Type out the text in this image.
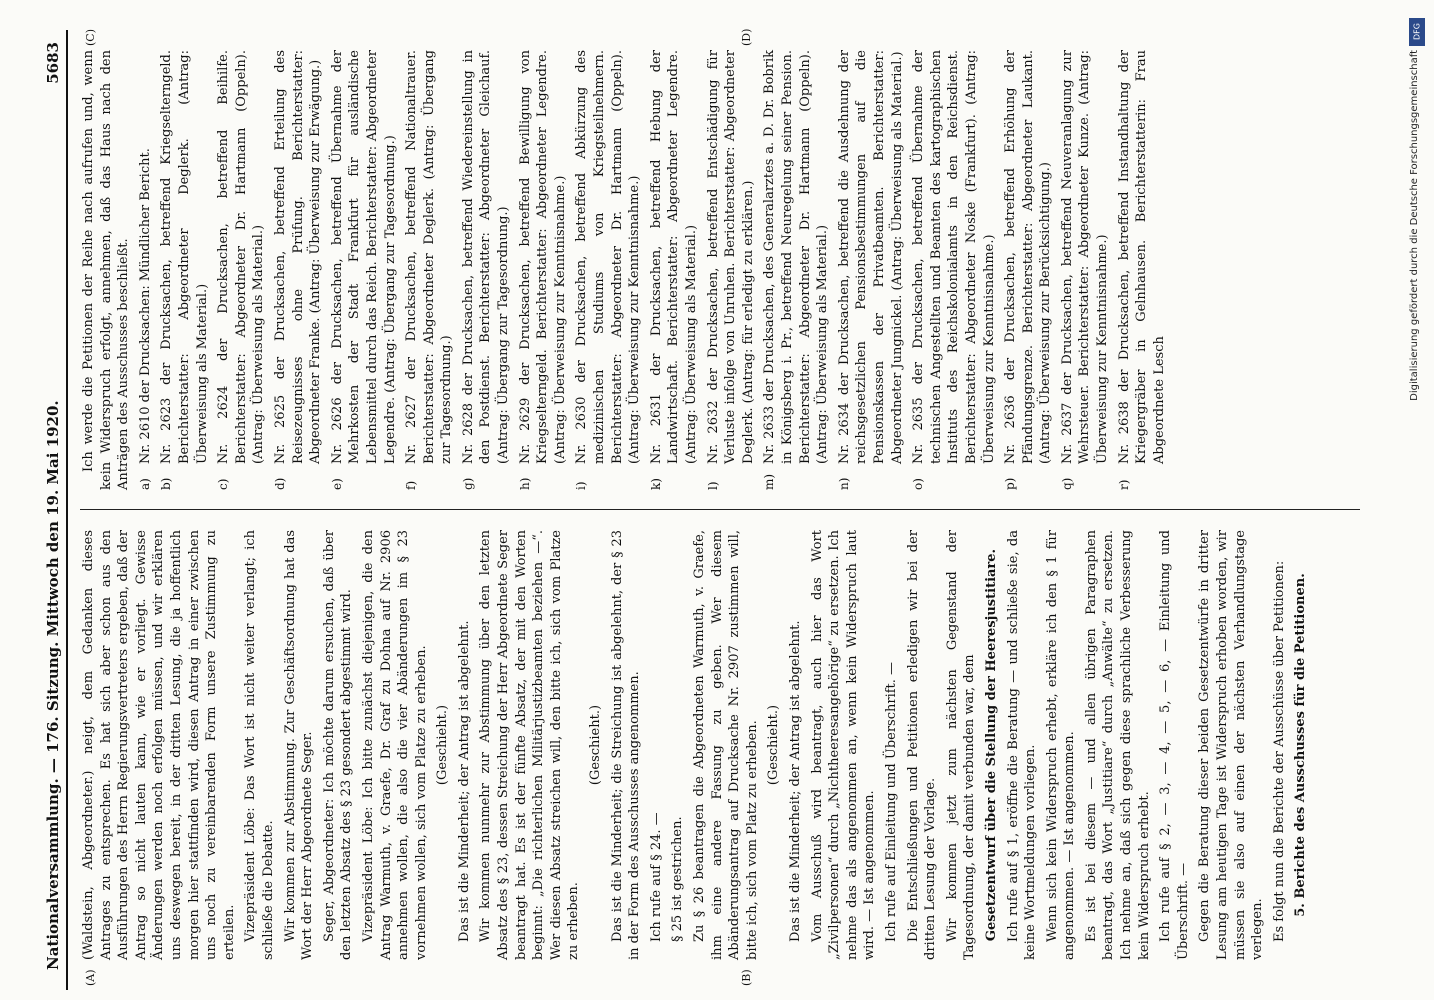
Nationalversammlung. — 176. Sitzung. Mittwoch den 19. Mai 1920.
5683
(A)	(B)
(C)	(D)

(Waldstein, Abgeordneter.) neigt, dem Gedanken dieses Antrages zu entsprechen. Es hat sich aber schon aus den Ausführungen des Herrn Regierungsvertreters ergeben, daß der Antrag so nicht lauten kann, wie er vorliegt. Gewisse Änderungen werden noch erfolgen müssen, und wir erklären uns deswegen bereit, in der dritten Lesung, die ja hoffentlich morgen hier stattfinden wird, diesen Antrag in einer zwischen uns noch zu vereinbarenden Form unsere Zustimmung zu erteilen. Vizepräsident Löbe: Das Wort ist nicht weiter verlangt; ich schließe die Debatte. Wir kommen zur Abstimmung. Zur Geschäftsordnung hat das Wort der Herr Abgeordnete Seger. Seger, Abgeordneter: Ich möchte darum ersuchen, daß über den letzten Absatz des § 23 gesondert abgestimmt wird. Vizepräsident Löbe: Ich bitte zunächst diejenigen, die den Antrag Warmuth, v. Graefe, Dr. Graf zu Dohna auf Nr. 2906 annehmen wollen, die also die vier Abänderungen im § 23 vornehmen wollen, sich vom Platze zu erheben. (Geschieht.) Das ist die Minderheit; der Antrag ist abgelehnt. Wir kommen nunmehr zur Abstimmung über den letzten Absatz des § 23, dessen Streichung der Herr Abgeordnete Seger beantragt hat. Es ist der fünfte Absatz, der mit den Worten beginnt: „Die richterlichen Militärjustizbeamten beziehen —“. Wer diesen Absatz streichen will, den bitte ich, sich vom Platze zu erheben.

(Geschieht.) Das ist die Minderheit; die Streichung ist abgelehnt, der § 23 in der Form des Ausschusses angenommen. Ich rufe auf § 24. — § 25 ist gestrichen. Zu § 26 beantragen die Abgeordneten Warmuth, v. Graefe, ihm eine andere Fassung zu geben. Wer diesem Abänderungsantrag auf Drucksache Nr. 2907 zustimmen will, bitte ich, sich vom Platz zu erheben. (Geschieht.) Das ist die Minderheit; der Antrag ist abgelehnt. Vom Ausschuß wird beantragt, auch hier das Wort „Zivilpersonen“ durch „Nichtheeresangehörige“ zu ersetzen. Ich nehme das als angenommen an, wenn kein Widerspruch laut wird. — Ist angenommen. Ich rufe auf Einleitung und Überschrift. — Die Entschließungen und Petitionen erledigen wir bei der dritten Lesung der Vorlage. Wir kommen jetzt zum nächsten Gegenstand der Tagesordnung, der damit verbunden war, dem Gesetzentwurf über die Stellung der Heeresjustitiare. Ich rufe auf § 1, eröffne die Beratung — und schließe sie, da keine Wortmeldungen vorliegen. Wenn sich kein Widerspruch erhebt, erkläre ich den § 1 für angenommen. — Ist angenommen. Es ist bei diesem — und allen übrigen Paragraphen beantragt, das Wort „Justitiare“ durch „Anwälte“ zu ersetzen. Ich nehme an, daß sich gegen diese sprachliche Verbesserung kein Widerspruch erhebt. Ich rufe auf § 2, — 3, — 4, — 5, — 6, — Einleitung und Überschrift. — Gegen die Beratung dieser beiden Gesetzentwürfe in dritter Lesung am heutigen Tage ist Widerspruch erhoben worden, wir müssen sie also auf einen der nächsten Verhandlungstage verlegen. Es folgt nun die Berichte der Ausschüsse über Petitionen: 5. Berichte des Ausschusses für die Petitionen.

Ich werde die Petitionen der Reihe nach aufrufen und, wenn kein Widerspruch erfolgt, annehmen, daß das Haus nach den Anträgen des Ausschusses beschließt. a)
Nr. 2610 der Drucksachen: Mündlicher Bericht.

b)
Nr. 2623 der Drucksachen, betreffend Kriegselterngeld. Berichterstatter: Abgeordneter Deglerk. (Antrag: Überweisung als Material.)

c)
Nr. 2624 der Drucksachen, betreffend Beihilfe. Berichterstatter: Abgeordneter Dr. Hartmann (Oppeln). (Antrag: Überweisung als Material.)

d)
Nr. 2625 der Drucksachen, betreffend Erteilung des Reisezeugnisses ohne Prüfung. Berichterstatter: Abgeordneter Franke. (Antrag: Überweisung zur Erwägung.)

e)
Nr. 2626 der Drucksachen, betreffend Übernahme der Mehrkosten der Stadt Frankfurt für ausländische Lebensmittel durch das Reich. Berichterstatter: Abgeordneter Legendre. (Antrag: Übergang zur Tagesordnung.)

f)
Nr. 2627 der Drucksachen, betreffend Nationaltrauer. Berichterstatter: Abgeordneter Deglerk. (Antrag: Übergang zur Tagesordnung.)

g)
Nr. 2628 der Drucksachen, betreffend Wiedereinstellung in den Postdienst. Berichterstatter: Abgeordneter Gleichauf. (Antrag: Übergang zur Tagesordnung.)

h)
Nr. 2629 der Drucksachen, betreffend Bewilligung von Kriegselterngeld. Berichterstatter: Abgeordneter Legendre. (Antrag: Überweisung zur Kenntnisnahme.)

i)
Nr. 2630 der Drucksachen, betreffend Abkürzung des medizinischen Studiums von Kriegsteilnehmern. Berichterstatter: Abgeordneter Dr. Hartmann (Oppeln). (Antrag: Überweisung zur Kenntnisnahme.)

k)
Nr. 2631 der Drucksachen, betreffend Hebung der Landwirtschaft. Berichterstatter: Abgeordneter Legendre. (Antrag: Überweisung als Material.)

l)
Nr. 2632 der Drucksachen, betreffend Entschädigung für Verluste infolge von Unruhen. Berichterstatter: Abgeordneter Deglerk. (Antrag: für erledigt zu erklären.)

m)
Nr. 2633 der Drucksachen, des Generalarztes a. D. Dr. Bobrik in Königsberg i. Pr., betreffend Neuregelung seiner Pension. Berichterstatter: Abgeordneter Dr. Hartmann (Oppeln). (Antrag: Überweisung als Material.)

n)
Nr. 2634 der Drucksachen, betreffend die Ausdehnung der reichsgesetzlichen Pensionsbestimmungen auf die Pensionskassen der Privatbeamten. Berichterstatter: Abgeordneter Jungnickel. (Antrag: Überweisung als Material.)

o)
Nr. 2635 der Drucksachen, betreffend Übernahme der technischen Angestellten und Beamten des kartographischen Instituts des Reichskolonialamts in den Reichsdienst. Berichterstatter: Abgeordneter Noske (Frankfurt). (Antrag: Überweisung zur Kenntnisnahme.)

p)
Nr. 2636 der Drucksachen, betreffend Erhöhung der Pfändungsgrenze. Berichterstatter: Abgeordneter Laukant. (Antrag: Überweisung zur Berücksichtigung.)

q)
Nr. 2637 der Drucksachen, betreffend Neuveranlagung zur Wehrsteuer. Berichterstatter: Abgeordneter Kunze. (Antrag: Überweisung zur Kenntnisnahme.)

r)
Nr. 2638 der Drucksachen, betreffend Instandhaltung der Kriegergräber in Gelnhausen. Berichterstatterin: Frau Abgeordnete Lesch

DFG
Digitalisierung gefördert durch die Deutsche Forschungsgemeinschaft
